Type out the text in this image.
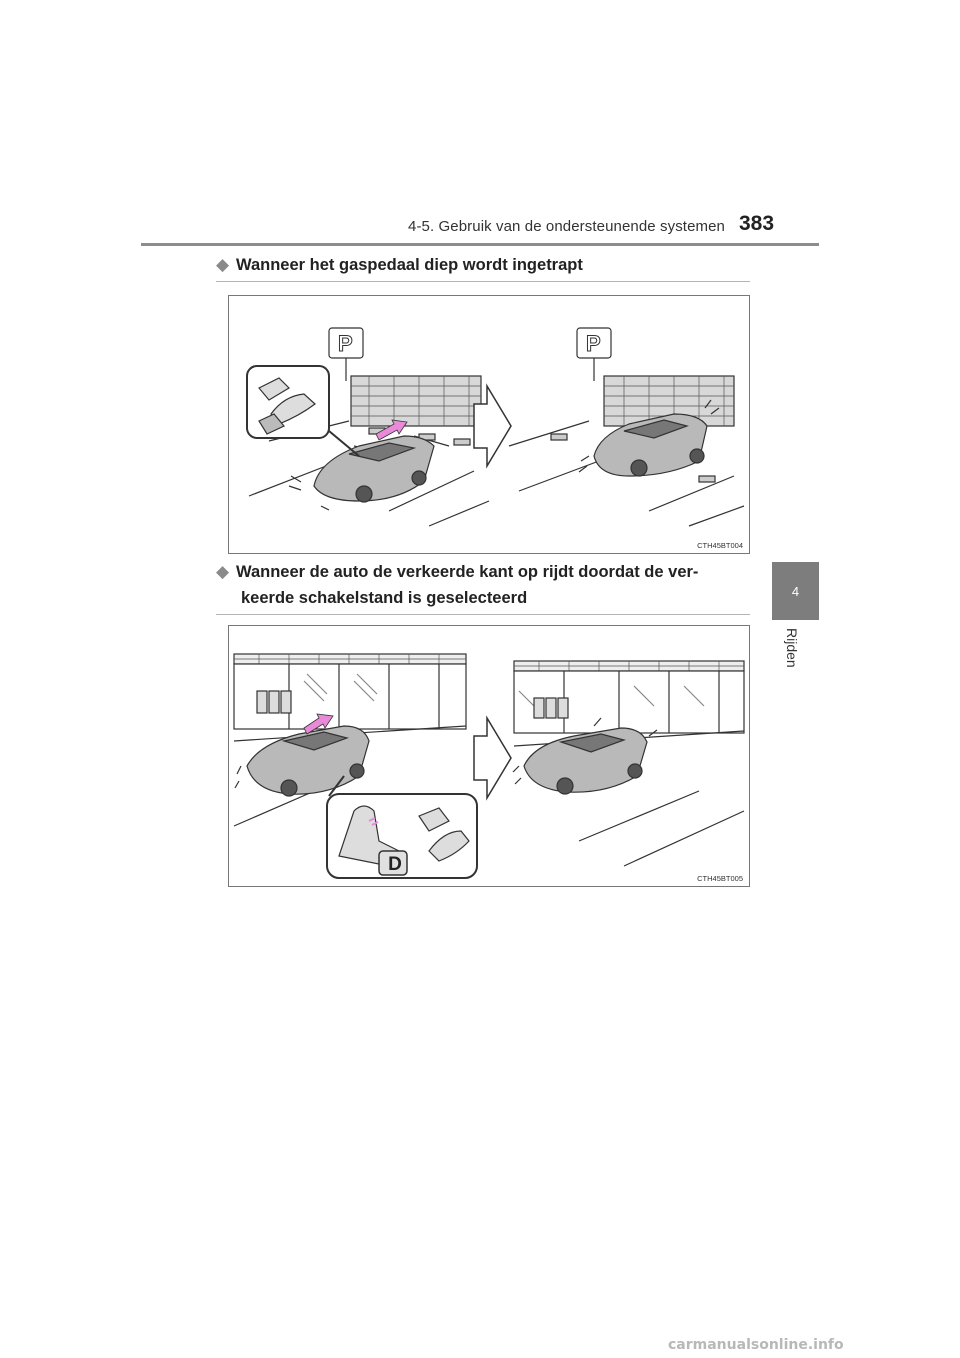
4-5. Gebruik van de ondersteunende systemen 383
4
Rijden
◆ Wanneer het gaspedaal diep wordt ingetrapt
P	P
CTH45BT004
◆ Wanneer de auto de verkeerde kant op rijdt doordat de ver-
keerde schakelstand is geselecteerd
D
CTH45BT005
carmanualsonline.info
